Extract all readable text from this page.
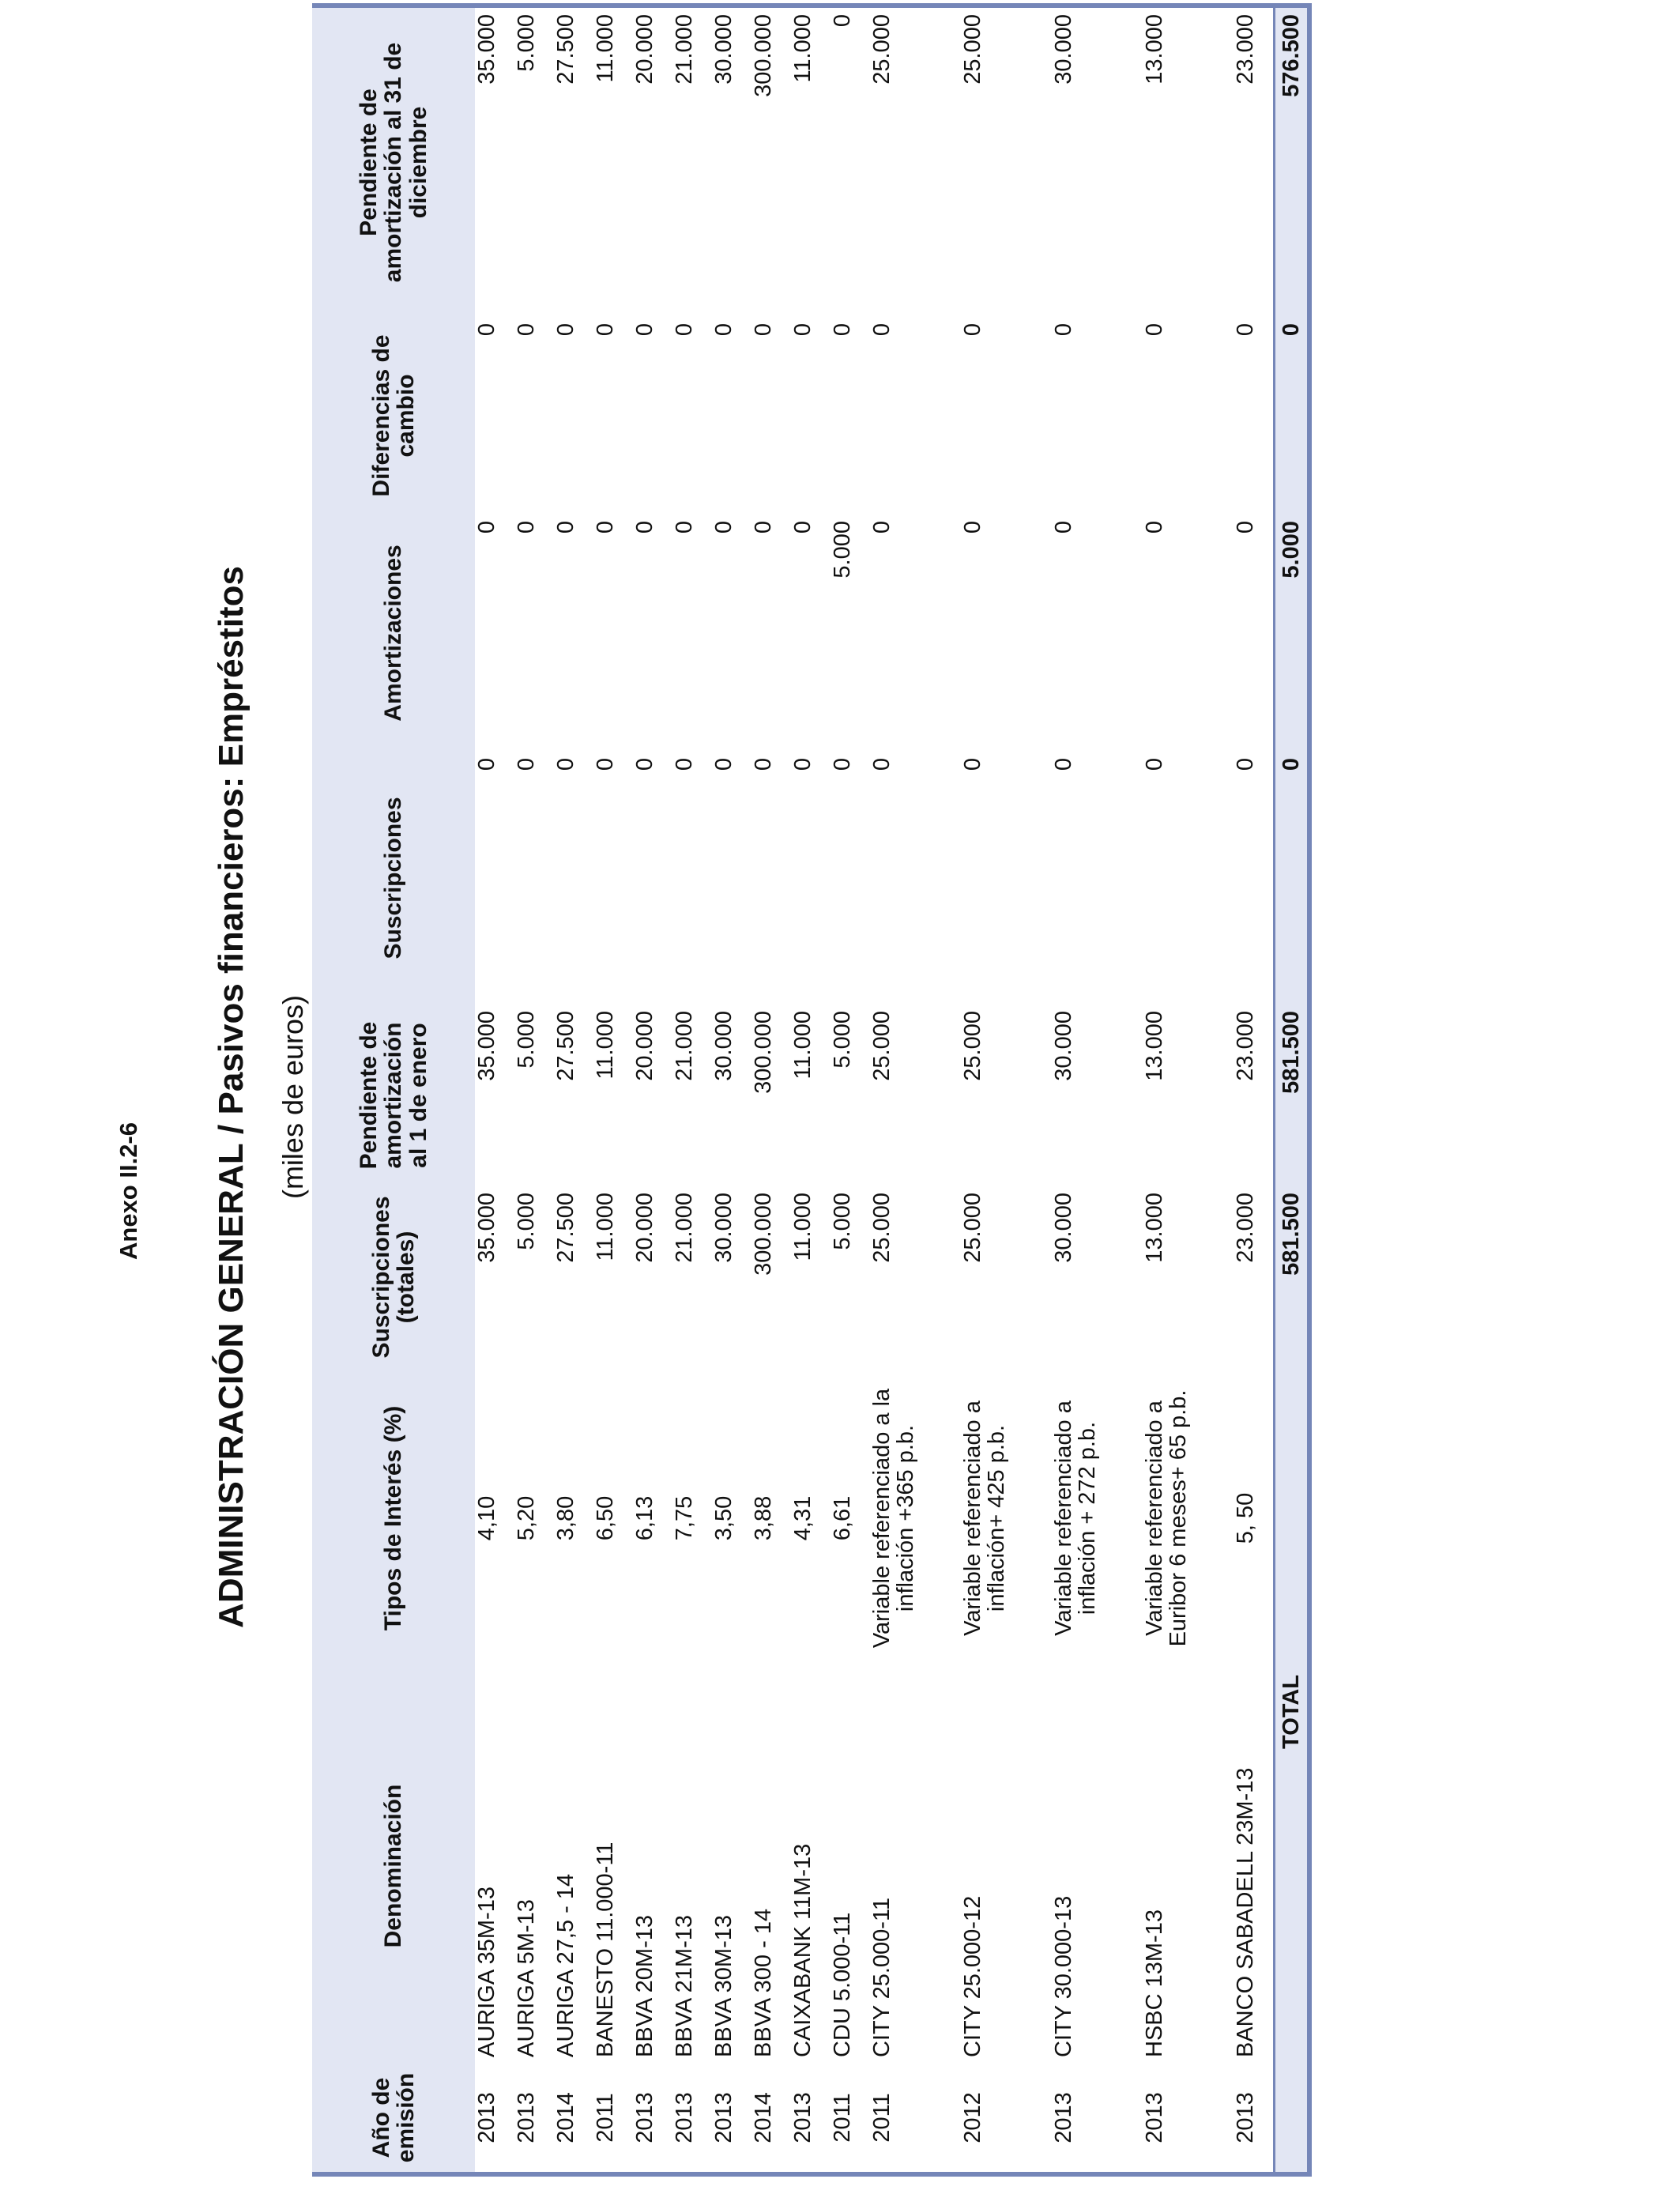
Anexo II.2-6 ADMINISTRACIÓN GENERAL / Pasivos financieros: Empréstitos (miles de euros)
Año de emisión	Denominación	Tipos de Interés (%)	Suscripciones (totales)	Pendiente de amortización al 1 de enero	Suscripciones	Amortizaciones	Diferencias de cambio	Pendiente de amortización al 31 de diciembre
2013	AURIGA 35M-13	4,10	35.000	35.000	0	0	0	35.000
2013	AURIGA 5M-13	5,20	5.000	5.000	0	0	0	5.000
2014	AURIGA 27,5 - 14	3,80	27.500	27.500	0	0	0	27.500
2011	BANESTO 11.000-11	6,50	11.000	11.000	0	0	0	11.000
2013	BBVA 20M-13	6,13	20.000	20.000	0	0	0	20.000
2013	BBVA 21M-13	7,75	21.000	21.000	0	0	0	21.000
2013	BBVA 30M-13	3,50	30.000	30.000	0	0	0	30.000
2014	BBVA 300 - 14	3,88	300.000	300.000	0	0	0	300.000
2013	CAIXABANK 11M-13	4,31	11.000	11.000	0	0	0	11.000
2011	CDU 5.000-11	6,61	5.000	5.000	0	5.000	0	0
2011	CITY 25.000-11	Variable referenciado a la inflación +365 p.b.	25.000	25.000	0	0	0	25.000
2012	CITY 25.000-12	Variable referenciado a inflación+ 425 p.b.	25.000	25.000	0	0	0	25.000
2013	CITY 30.000-13	Variable referenciado a inflación + 272 p.b.	30.000	30.000	0	0	0	30.000
2013	HSBC 13M-13	Variable referenciado a Euribor 6 meses+ 65 p.b.	13.000	13.000	0	0	0	13.000
2013	BANCO SABADELL 23M-13	5, 50	23.000	23.000	0	0	0	23.000
	TOTAL		581.500	581.500	0	5.000	0	576.500
